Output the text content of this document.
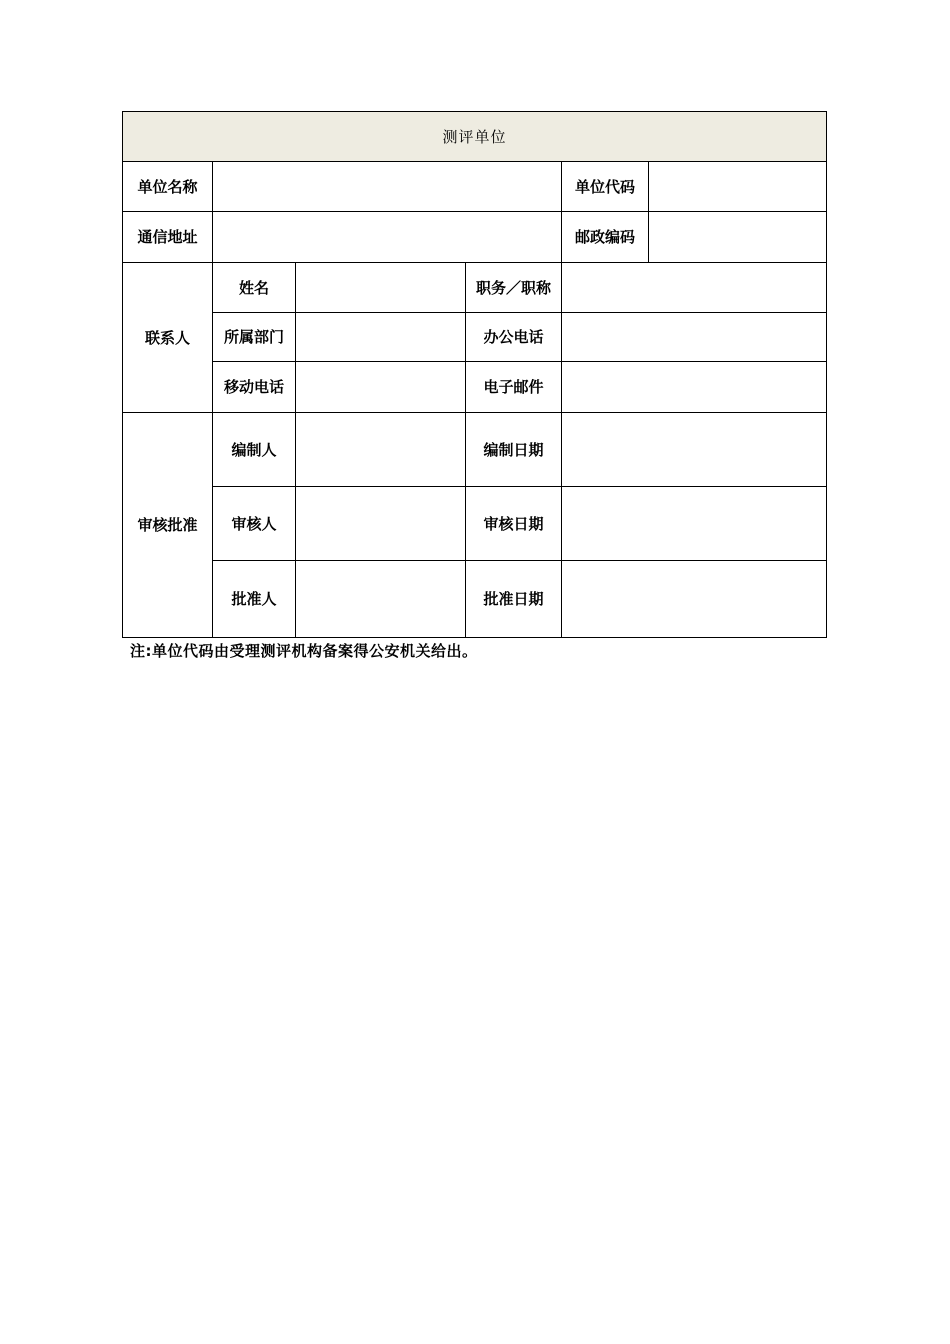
测评单位					
单位名称				单位代码	
通信地址				邮政编码	
联系人	姓名		职务／职称		
	所属部门		办公电话		
	移动电话		电子邮件		
审核批准	编制人		编制日期		
	审核人		审核日期		
	批准人		批准日期		
注:单位代码由受理测评机构备案得公安机关给出。
